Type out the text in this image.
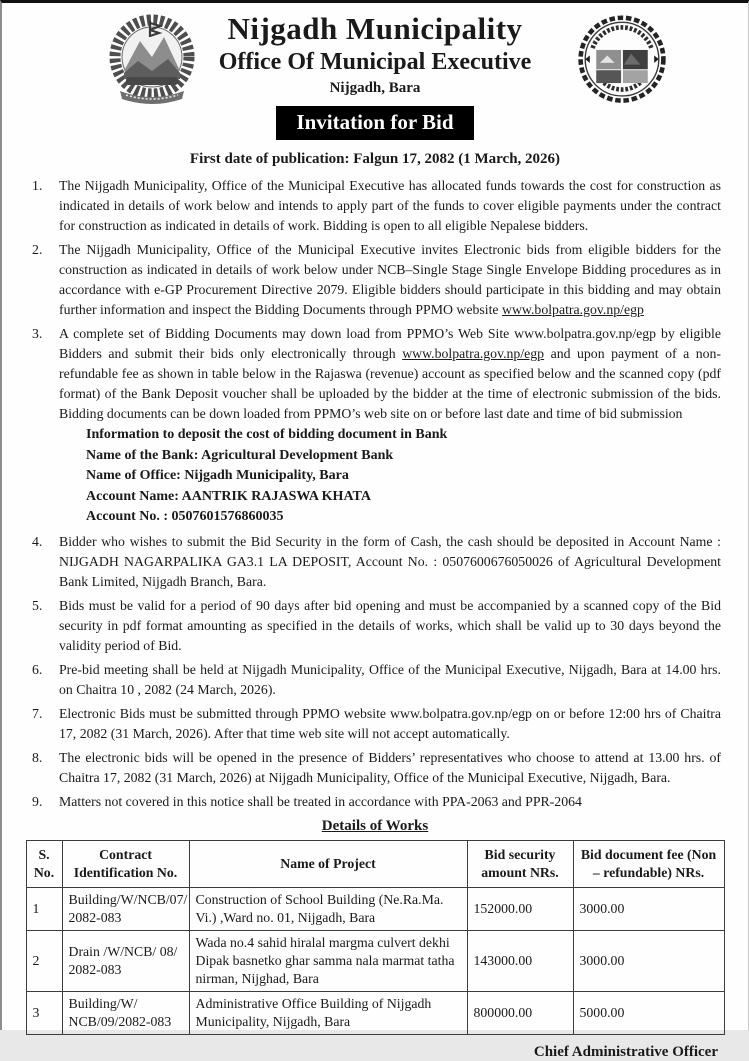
Nijgadh Municipality
Office Of Municipal Executive
Nijgadh, Bara
Invitation for Bid
First date of publication: Falgun 17, 2082 (1 March, 2026)
1.	The Nijgadh Municipality, Office of the Municipal Executive has allocated funds towards the cost for construction as indicated in details of work below and intends to apply part of the funds to cover eligible payments under the contract for construction as indicated in details of work. Bidding is open to all eligible Nepalese bidders.

2.	The Nijgadh Municipality, Office of the Municipal Executive invites Electronic bids from eligible bidders for the construction as indicated in details of work below under NCB–Single Stage Single Envelope Bidding procedures as in accordance with e-GP Procurement Directive 2079. Eligible bidders should participate in this bidding and may obtain further information and inspect the Bidding Documents through PPMO website www.bolpatra.gov.np/egp

3.	A complete set of Bidding Documents may down load from PPMO’s Web Site www.bolpatra.gov.np/egp by eligible Bidders and submit their bids only electronically through www.bolpatra.gov.np/egp and upon payment of a non-refundable fee as shown in table below in the Rajaswa (revenue) account as specified below and the scanned copy (pdf format) of the Bank Deposit voucher shall be uploaded by the bidder at the time of electronic submission of the bids. Bidding documents can be down loaded from PPMO’s web site on or before last date and time of bid submission

Information to deposit the cost of bidding document in Bank

Name of the Bank: Agricultural Development Bank

Name of Office: Nijgadh Municipality, Bara

Account Name: AANTRIK RAJASWA KHATA

Account No. : 0507601576860035

4.	Bidder who wishes to submit the Bid Security in the form of Cash, the cash should be deposited in Account Name : NIJGADH NAGARPALIKA GA3.1 LA DEPOSIT, Account No. : 0507600676050026 of Agricultural Development Bank Limited, Nijgadh Branch, Bara.

5.	Bids must be valid for a period of 90 days after bid opening and must be accompanied by a scanned copy of the Bid security in pdf format amounting as specified in the details of works, which shall be valid up to 30 days beyond the validity period of Bid.

6.	Pre-bid meeting shall be held at Nijgadh Municipality, Office of the Municipal Executive, Nijgadh, Bara at 14.00 hrs. on Chaitra 10 , 2082 (24 March, 2026).

7.	Electronic Bids must be submitted through PPMO website www.bolpatra.gov.np/egp on or before 12:00 hrs of Chaitra 17, 2082 (31 March, 2026). After that time web site will not accept automatically.

8.	The electronic bids will be opened in the presence of Bidders’ representatives who choose to attend at 13.00 hrs. of Chaitra 17, 2082 (31 March, 2026) at Nijgadh Municipality, Office of the Municipal Executive, Nijgadh, Bara.

9.	Matters not covered in this notice shall be treated in accordance with PPA-2063 and PPR-2064

Details of Works
S. No.	Contract Identification No.	Name of Project	Bid security amount NRs.	Bid document fee (Non – refundable) NRs.
1	Building/W/NCB/07/ 2082-083	Construction of School Building (Ne.Ra.Ma. Vi.) ,Ward no. 01, Nijgadh, Bara	152000.00	3000.00
2	Drain /W/NCB/ 08/ 2082-083	Wada no.4 sahid hiralal margma culvert dekhi Dipak basnetko ghar samma nala marmat tatha nirman, Nijghad, Bara	143000.00	3000.00
3	Building/W/ NCB/09/2082-083	Administrative Office Building of Nijgadh Municipality, Nijgadh, Bara	800000.00	5000.00
Chief Administrative Officer
